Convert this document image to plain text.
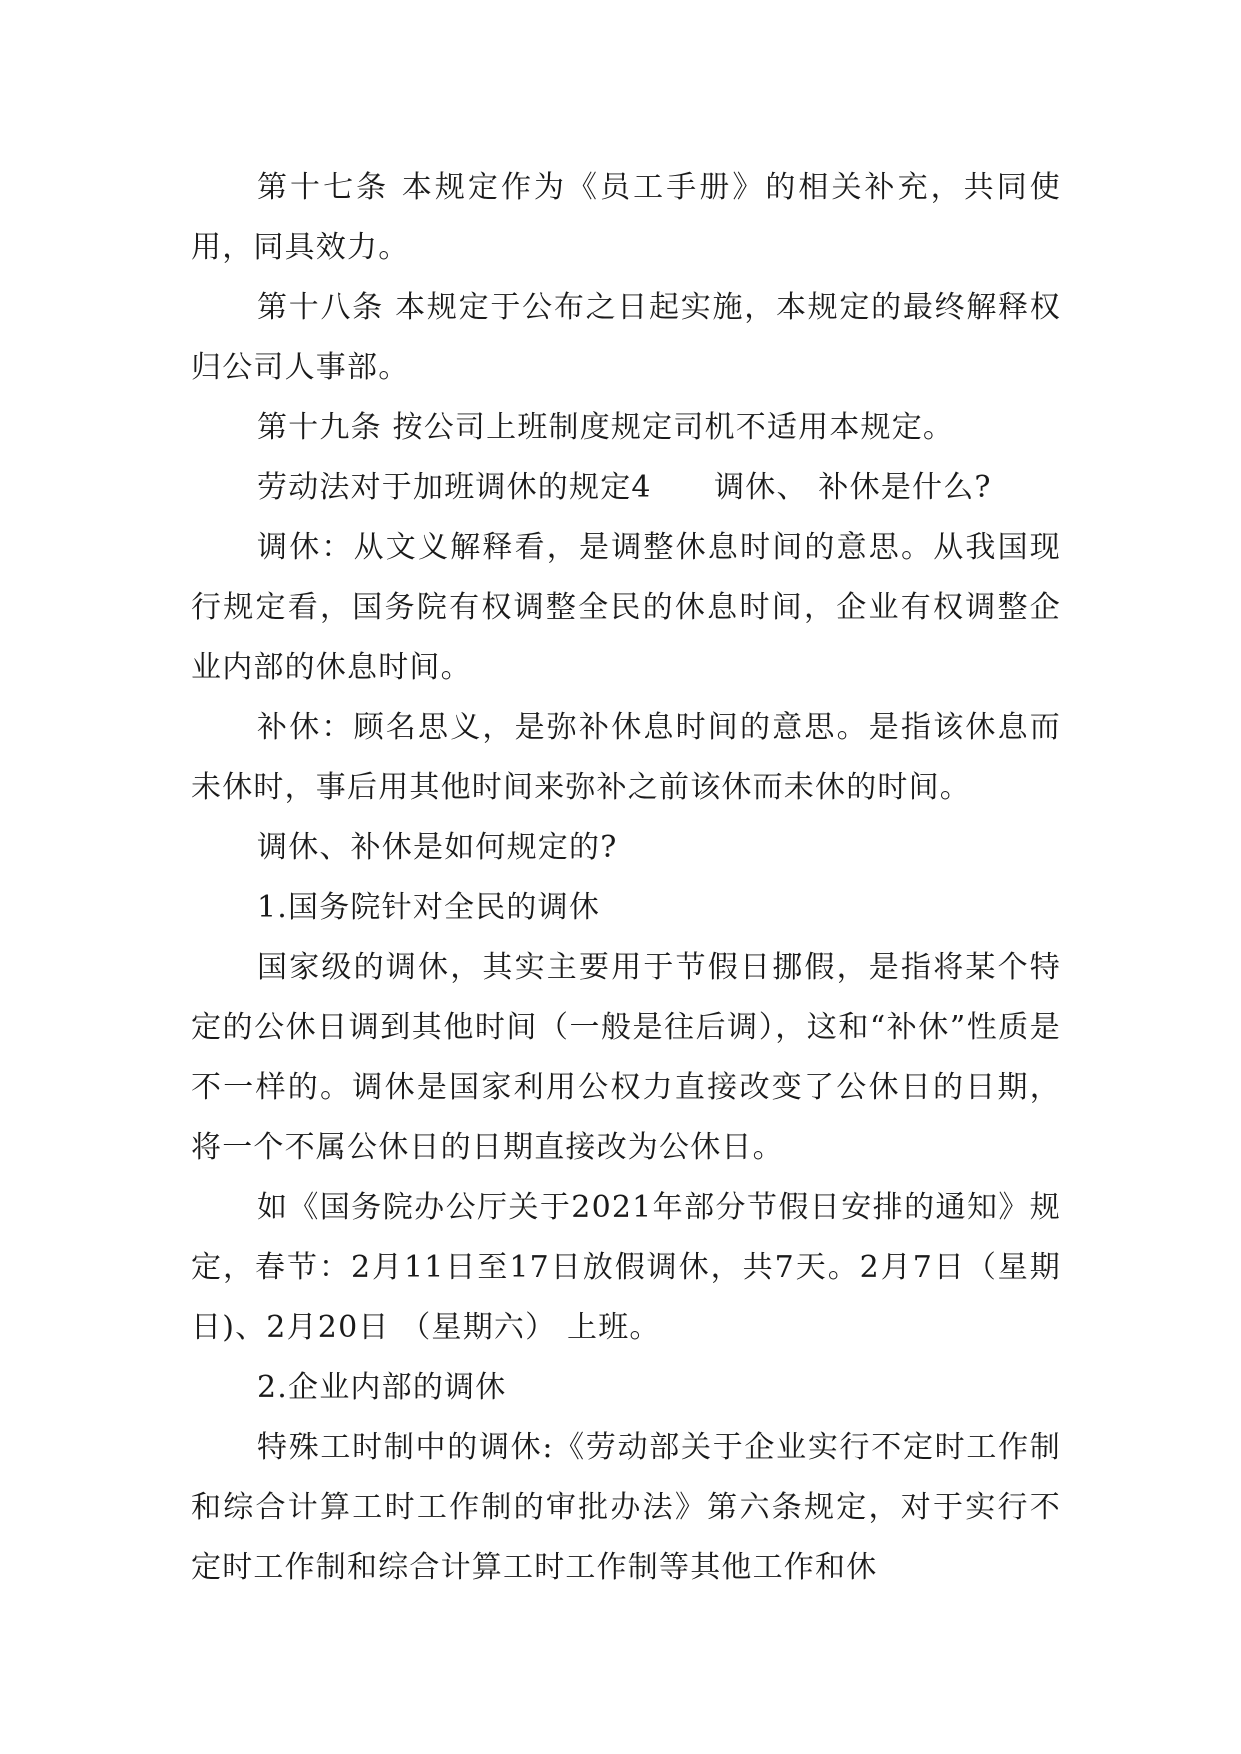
第十七条 本规定作为《员工手册》的相关补充，共同使用，同具效力。

第十八条 本规定于公布之日起实施，本规定的最终解释权归公司人事部。

第十九条 按公司上班制度规定司机不适用本规定。

劳动法对于加班调休的规定4　　调休、 补休是什么?

调休：从文义解释看，是调整休息时间的意思。从我国现行规定看，国务院有权调整全民的休息时间，企业有权调整企业内部的休息时间。

补休：顾名思义，是弥补休息时间的意思。是指该休息而未休时，事后用其他时间来弥补之前该休而未休的时间。

调休、补休是如何规定的?

1.国务院针对全民的调休

国家级的调休，其实主要用于节假日挪假，是指将某个特定的公休日调到其他时间（一般是往后调），这和“补休”性质是不一样的。调休是国家利用公权力直接改变了公休日的日期，将一个不属公休日的日期直接改为公休日。

如《国务院办公厅关于2021年部分节假日安排的通知》规定，春节：2月11日至17日放假调休，共7天。2月7日（星期日)、2月20日 （星期六） 上班。

2.企业内部的调休

特殊工时制中的调休:《劳动部关于企业实行不定时工作制和综合计算工时工作制的审批办法》第六条规定，对于实行不定时工作制和综合计算工时工作制等其他工作和休
